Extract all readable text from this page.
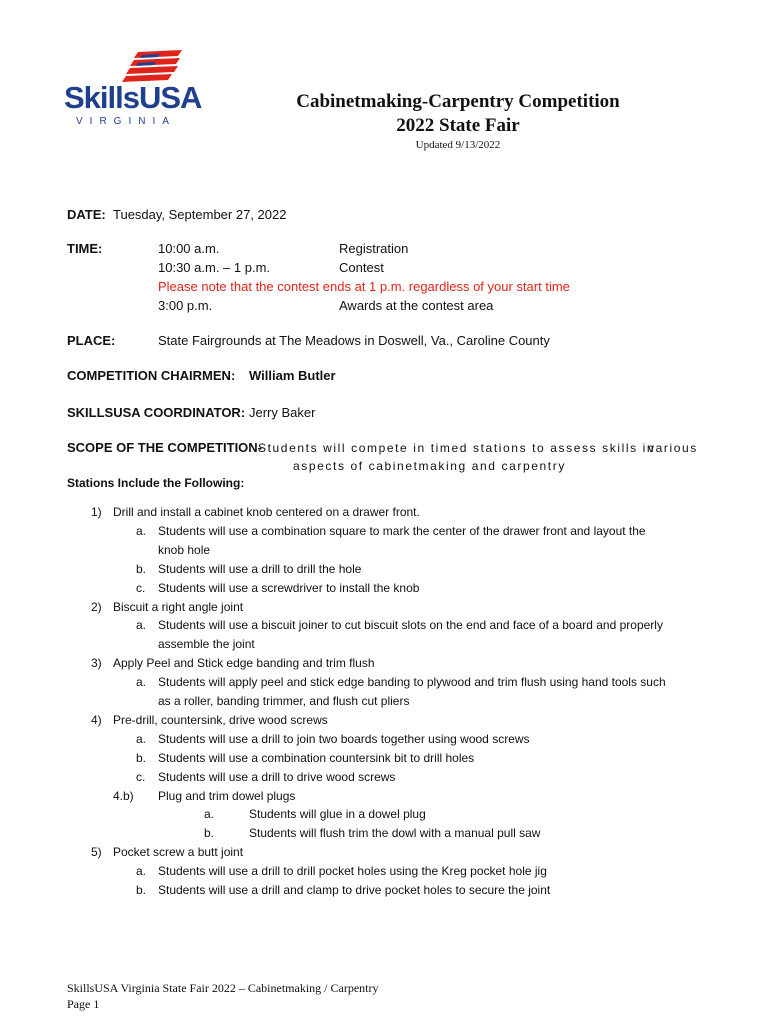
SkillsUSA
VIRGINIA
Cabinetmaking-Carpentry Competition
2022 State Fair
Updated 9/13/2022
DATE: Tuesday, September 27, 2022
TIME:	10:00 a.m.	Registration
10:30 a.m. – 1 p.m.	Contest
Please note that the contest ends at 1 p.m. regardless of your start time
3:00 p.m.	Awards at the contest area
PLACE:	State Fairgrounds at The Meadows in Doswell, Va., Caroline County
COMPETITION CHAIRMEN: William Butler
SKILLSUSA COORDINATOR: Jerry Baker
SCOPE OF THE COMPETITION-
Students will compete in timed stations to assess skills in
various
aspects of cabinetmaking and carpentry
Stations Include the Following:
1) Drill and install a cabinet knob centered on a drawer front.
a. Students will use a combination square to mark the center of the drawer front and layout the
knob hole
b. Students will use a drill to drill the hole
c. Students will use a screwdriver to install the knob
2) Biscuit a right angle joint
a. Students will use a biscuit joiner to cut biscuit slots on the end and face of a board and properly
assemble the joint
3) Apply Peel and Stick edge banding and trim flush
a. Students will apply peel and stick edge banding to plywood and trim flush using hand tools such
as a roller, banding trimmer, and flush cut pliers
4) Pre-drill, countersink, drive wood screws
a. Students will use a drill to join two boards together using wood screws
b. Students will use a combination countersink bit to drill holes
c. Students will use a drill to drive wood screws
4.b) Plug and trim dowel plugs
a.	Students will glue in a dowel plug
b.	Students will flush trim the dowl with a manual pull saw
5) Pocket screw a butt joint
a. Students will use a drill to drill pocket holes using the Kreg pocket hole jig
b. Students will use a drill and clamp to drive pocket holes to secure the joint
SkillsUSA Virginia State Fair 2022 – Cabinetmaking / Carpentry
Page 1
